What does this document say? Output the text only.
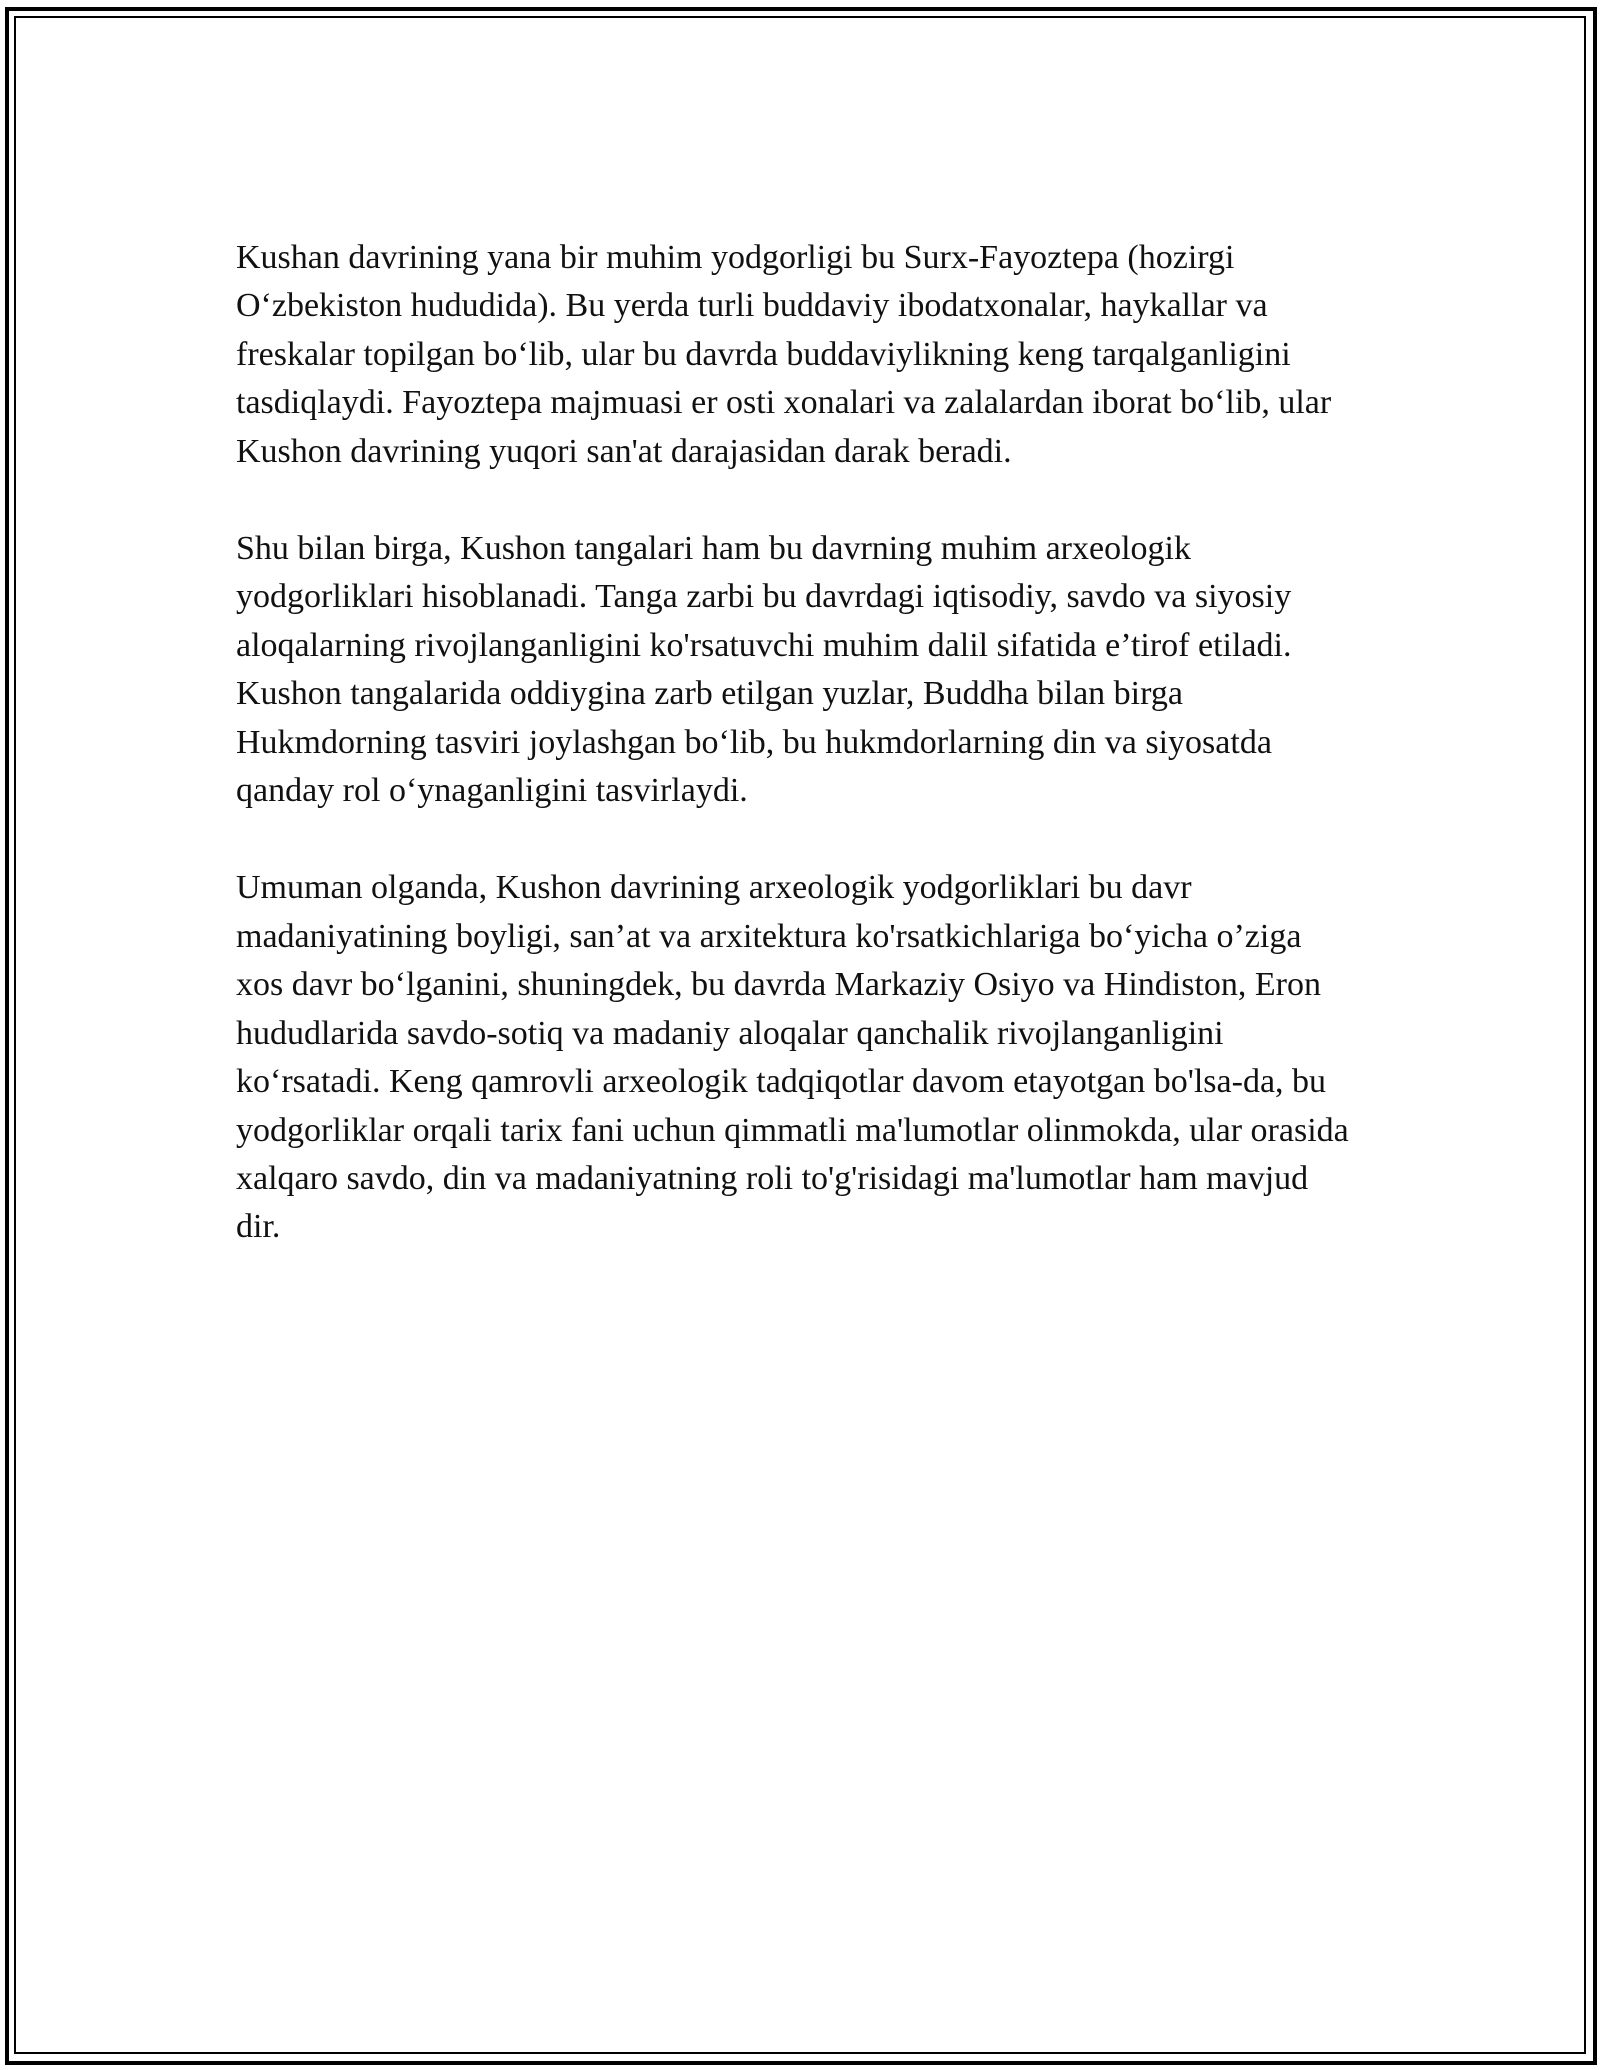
Kushan davrining yana bir muhim yodgorligi bu Surx-Fayoztepa (hozirgi O‘zbekiston hududida). Bu yerda turli buddaviy ibodatxonalar, haykallar va freskalar topilgan bo‘lib, ular bu davrda buddaviylikning keng tarqalganligini tasdiqlaydi. Fayoztepa majmuasi er osti xonalari va zalalardan iborat bo‘lib, ular Kushon davrining yuqori san'at darajasidan darak beradi.

Shu bilan birga, Kushon tangalari ham bu davrning muhim arxeologik yodgorliklari hisoblanadi. Tanga zarbi bu davrdagi iqtisodiy, savdo va siyosiy aloqalarning rivojlanganligini ko'rsatuvchi muhim dalil sifatida e’tirof etiladi. Kushon tangalarida oddiygina zarb etilgan yuzlar, Buddha bilan birga Hukmdorning tasviri joylashgan bo‘lib, bu hukmdorlarning din va siyosatda qanday rol o‘ynaganligini tasvirlaydi.

Umuman olganda, Kushon davrining arxeologik yodgorliklari bu davr madaniyatining boyligi, san’at va arxitektura ko'rsatkichlariga bo‘yicha o’ziga xos davr bo‘lganini, shuningdek, bu davrda Markaziy Osiyo va Hindiston, Eron hududlarida savdo-sotiq va madaniy aloqalar qanchalik rivojlanganligini ko‘rsatadi. Keng qamrovli arxeologik tadqiqotlar davom etayotgan bo'lsa-da, bu yodgorliklar orqali tarix fani uchun qimmatli ma'lumotlar olinmokda, ular orasida xalqaro savdo, din va madaniyatning roli to'g'risidagi ma'lumotlar ham mavjud dir.
